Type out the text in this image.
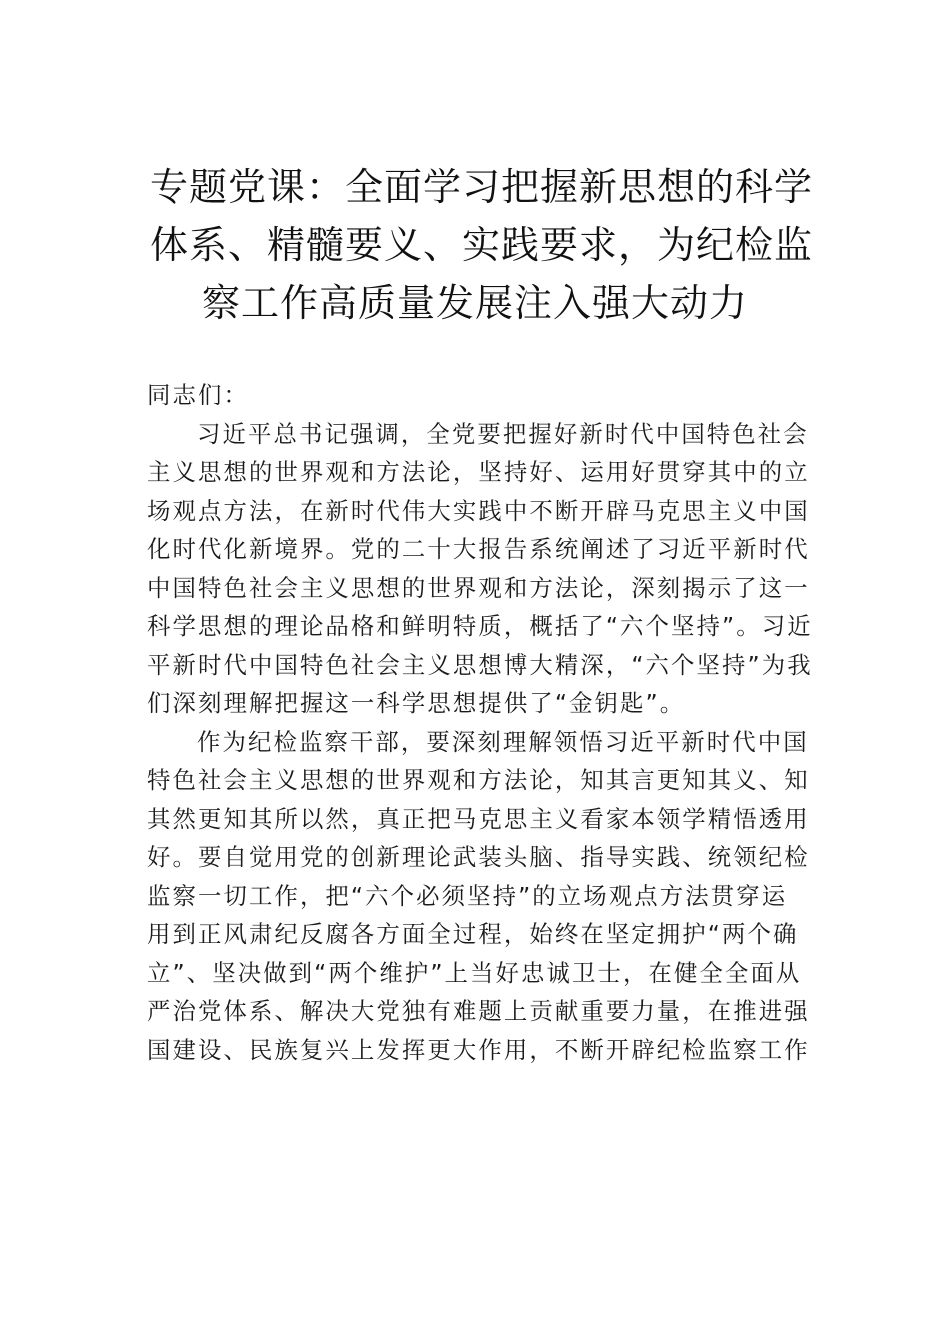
专题党课：全面学习把握新思想的科学
体系、精髓要义、实践要求，为纪检监
察工作高质量发展注入强大动力
同志们：
习近平总书记强调，全党要把握好新时代中国特色社会
主义思想的世界观和方法论，坚持好、运用好贯穿其中的立
场观点方法，在新时代伟大实践中不断开辟马克思主义中国
化时代化新境界。党的二十大报告系统阐述了习近平新时代
中国特色社会主义思想的世界观和方法论，深刻揭示了这一
科学思想的理论品格和鲜明特质，概括了“六个坚持”。习近
平新时代中国特色社会主义思想博大精深，“六个坚持”为我
们深刻理解把握这一科学思想提供了“金钥匙”。
作为纪检监察干部，要深刻理解领悟习近平新时代中国
特色社会主义思想的世界观和方法论，知其言更知其义、知
其然更知其所以然，真正把马克思主义看家本领学精悟透用
好。要自觉用党的创新理论武装头脑、指导实践、统领纪检
监察一切工作，把“六个必须坚持”的立场观点方法贯穿运
用到正风肃纪反腐各方面全过程，始终在坚定拥护“两个确
立”、坚决做到“两个维护”上当好忠诚卫士，在健全全面从
严治党体系、解决大党独有难题上贡献重要力量，在推进强
国建设、民族复兴上发挥更大作用，不断开辟纪检监察工作
